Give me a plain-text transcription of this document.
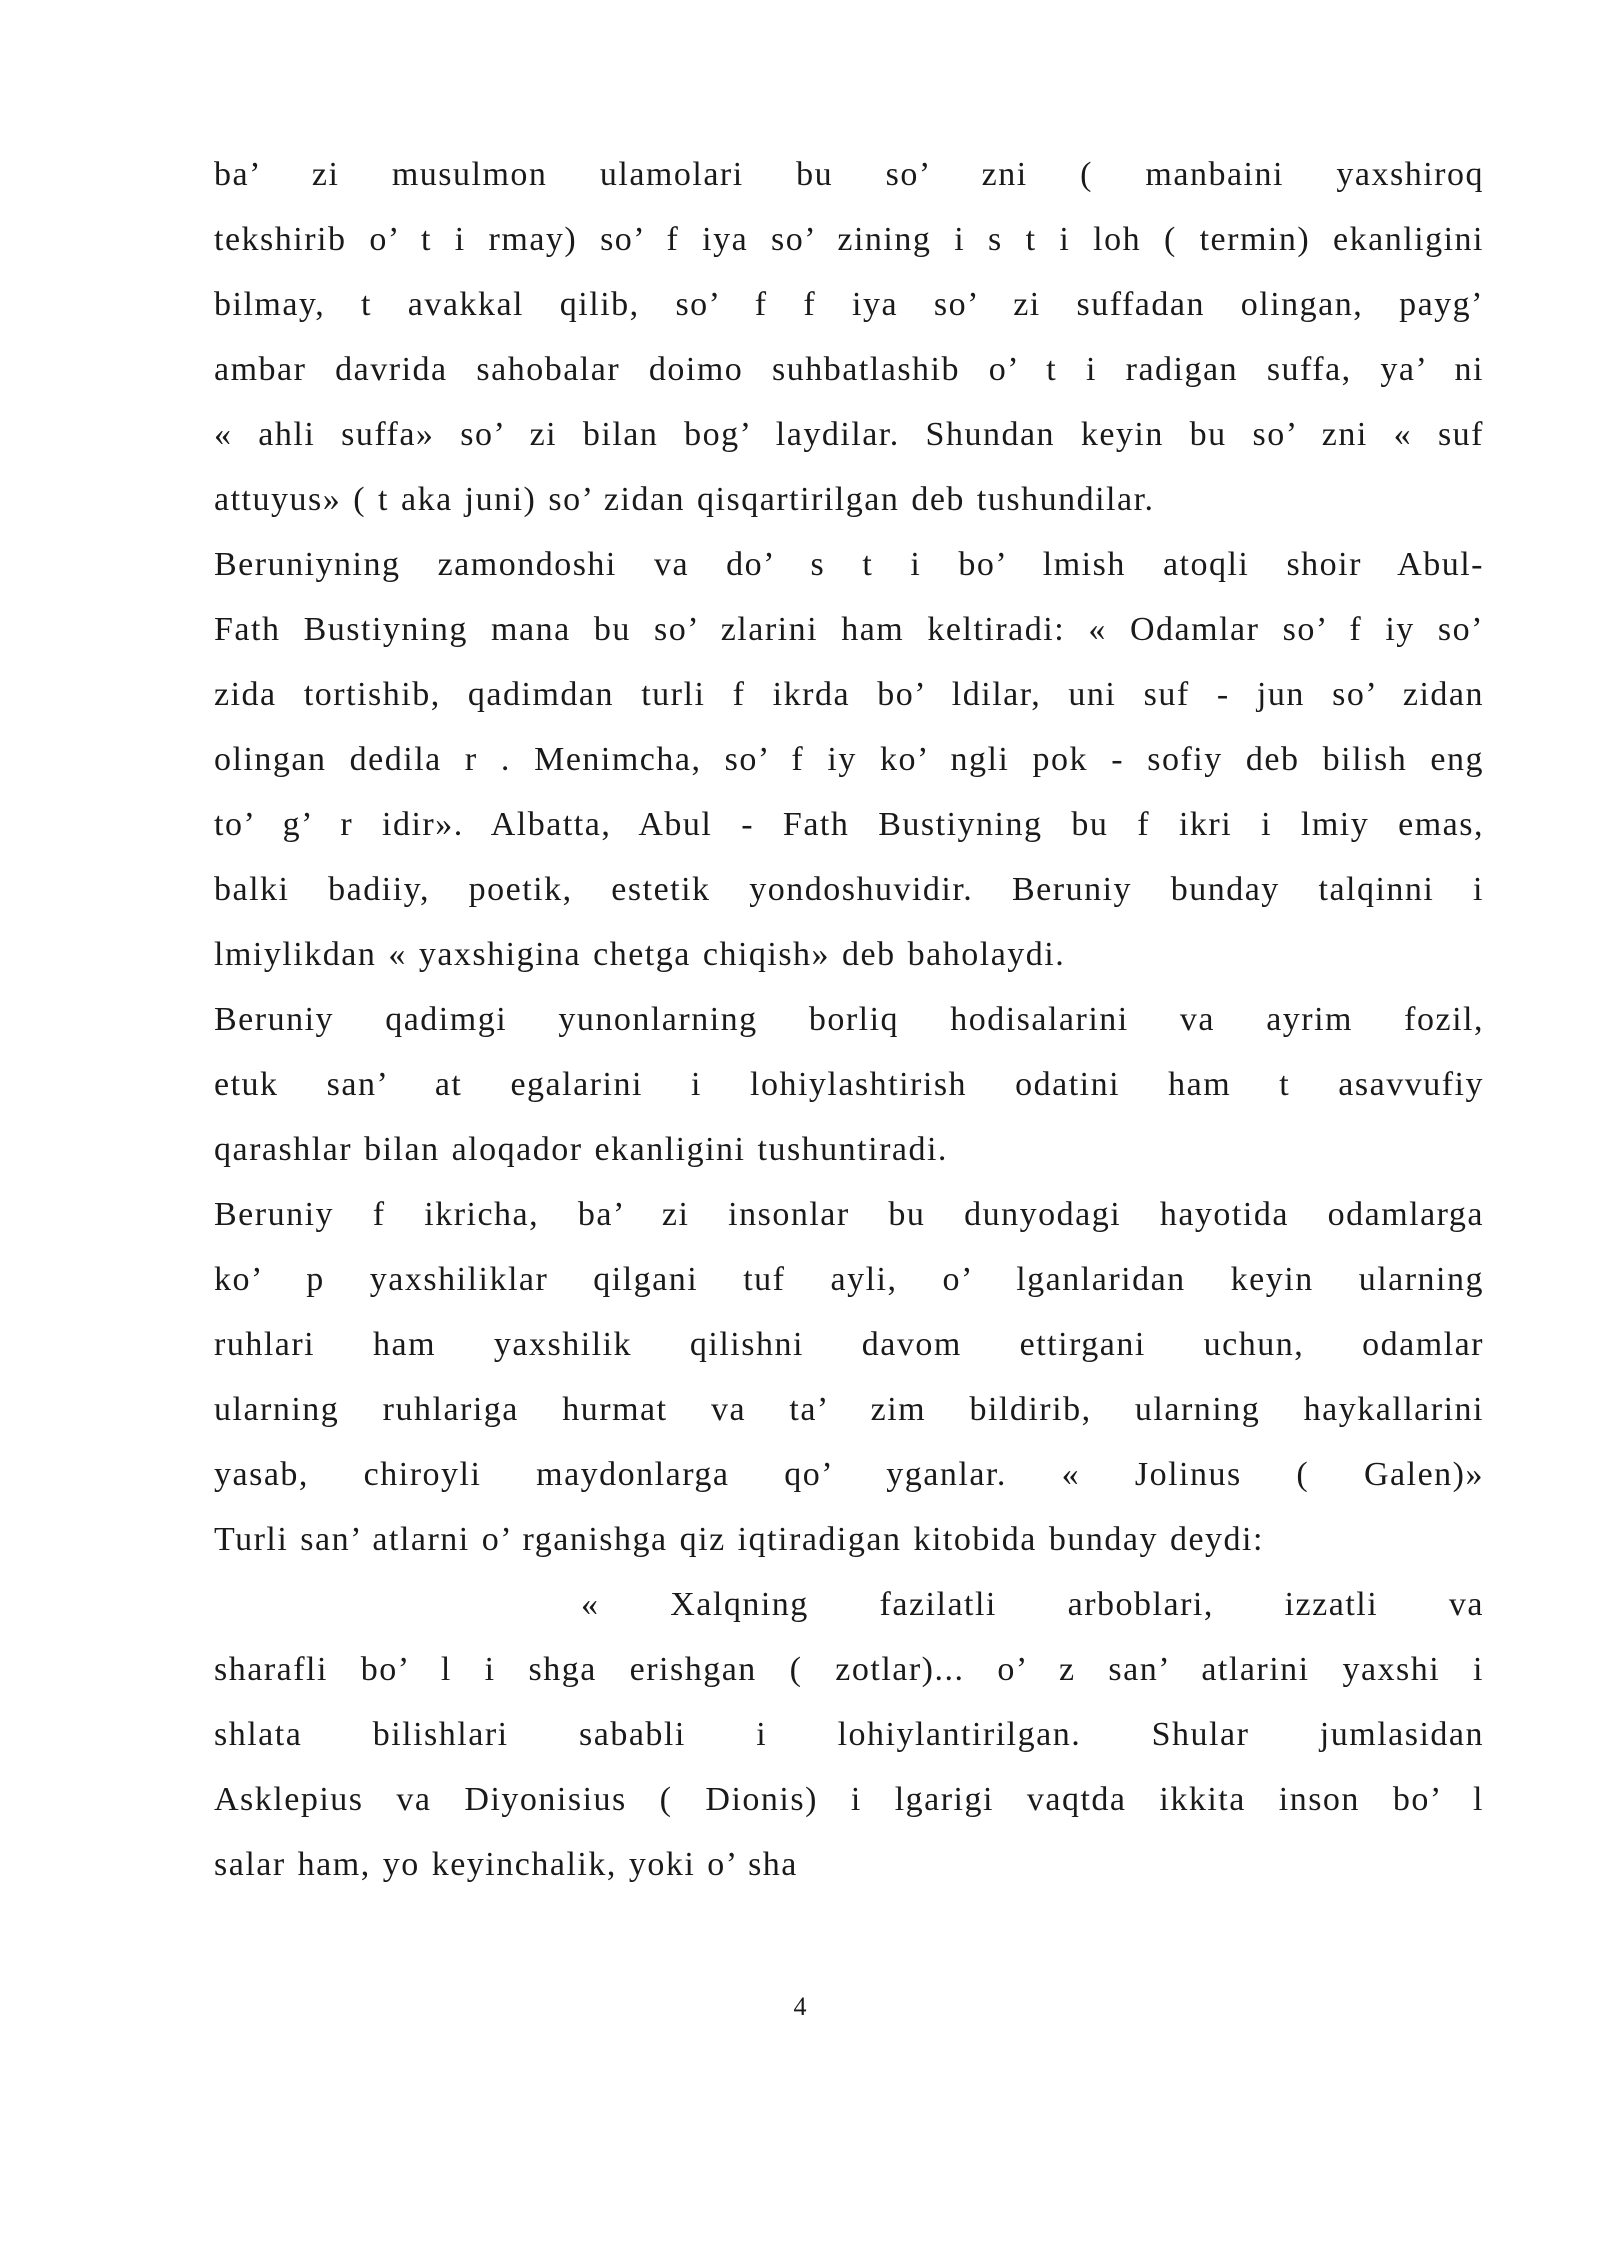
ba’ zi musulmon ulamolari bu so’ zni ( manbaini yaxshiroq
tekshirib o’ t i rmay) so’ f iya so’ zining i s t i loh ( termin) ekanligini
bilmay, t avakkal qilib, so’ f f iya so’ zi suffadan olingan, payg’
ambar davrida sahobalar doimo suhbatlashib o’ t i radigan suffa, ya’ ni
« ahli suffa» so’ zi bilan bog’ laydilar. Shundan keyin bu so’ zni « suf
attuyus» ( t aka juni) so’ zidan qisqartirilgan deb tushundilar.
Beruniyning zamondoshi va do’ s t i bo’ lmish atoqli shoir Abul-
Fath Bustiyning mana bu so’ zlarini ham keltiradi: « Odamlar so’ f iy so’
zida tortishib, qadimdan turli f ikrda bo’ ldilar, uni suf - jun so’ zidan
olingan dedila r . Menimcha, so’ f iy ko’ ngli pok - sofiy deb bilish eng
to’ g’ r idir». Albatta, Abul - Fath Bustiyning bu f ikri i lmiy emas,
balki badiiy, poetik, estetik yondoshuvidir. Beruniy bunday talqinni i
lmiylikdan « yaxshigina chetga chiqish» deb baholaydi.
Beruniy qadimgi yunonlarning borliq hodisalarini va ayrim fozil,
etuk san’ at egalarini i lohiylashtirish odatini ham t asavvufiy
qarashlar bilan aloqador ekanligini tushuntiradi.
Beruniy f ikricha, ba’ zi insonlar bu dunyodagi hayotida odamlarga
ko’ p yaxshiliklar qilgani tuf ayli, o’ lganlaridan keyin ularning
ruhlari ham yaxshilik qilishni davom ettirgani uchun, odamlar
ularning ruhlariga hurmat va ta’ zim bildirib, ularning haykallarini
yasab, chiroyli maydonlarga qo’ yganlar. « Jolinus ( Galen)»
Turli san’ atlarni o’ rganishga qiz iqtiradigan kitobida bunday deydi:
« Xalqning fazilatli arboblari, izzatli va
sharafli bo’ l i shga erishgan ( zotlar)... o’ z san’ atlarini yaxshi i
shlata bilishlari sababli i lohiylantirilgan. Shular jumlasidan
Asklepius va Diyonisius ( Dionis) i lgarigi vaqtda ikkita inson bo’ l
salar ham, yo keyinchalik, yoki o’ sha
4
